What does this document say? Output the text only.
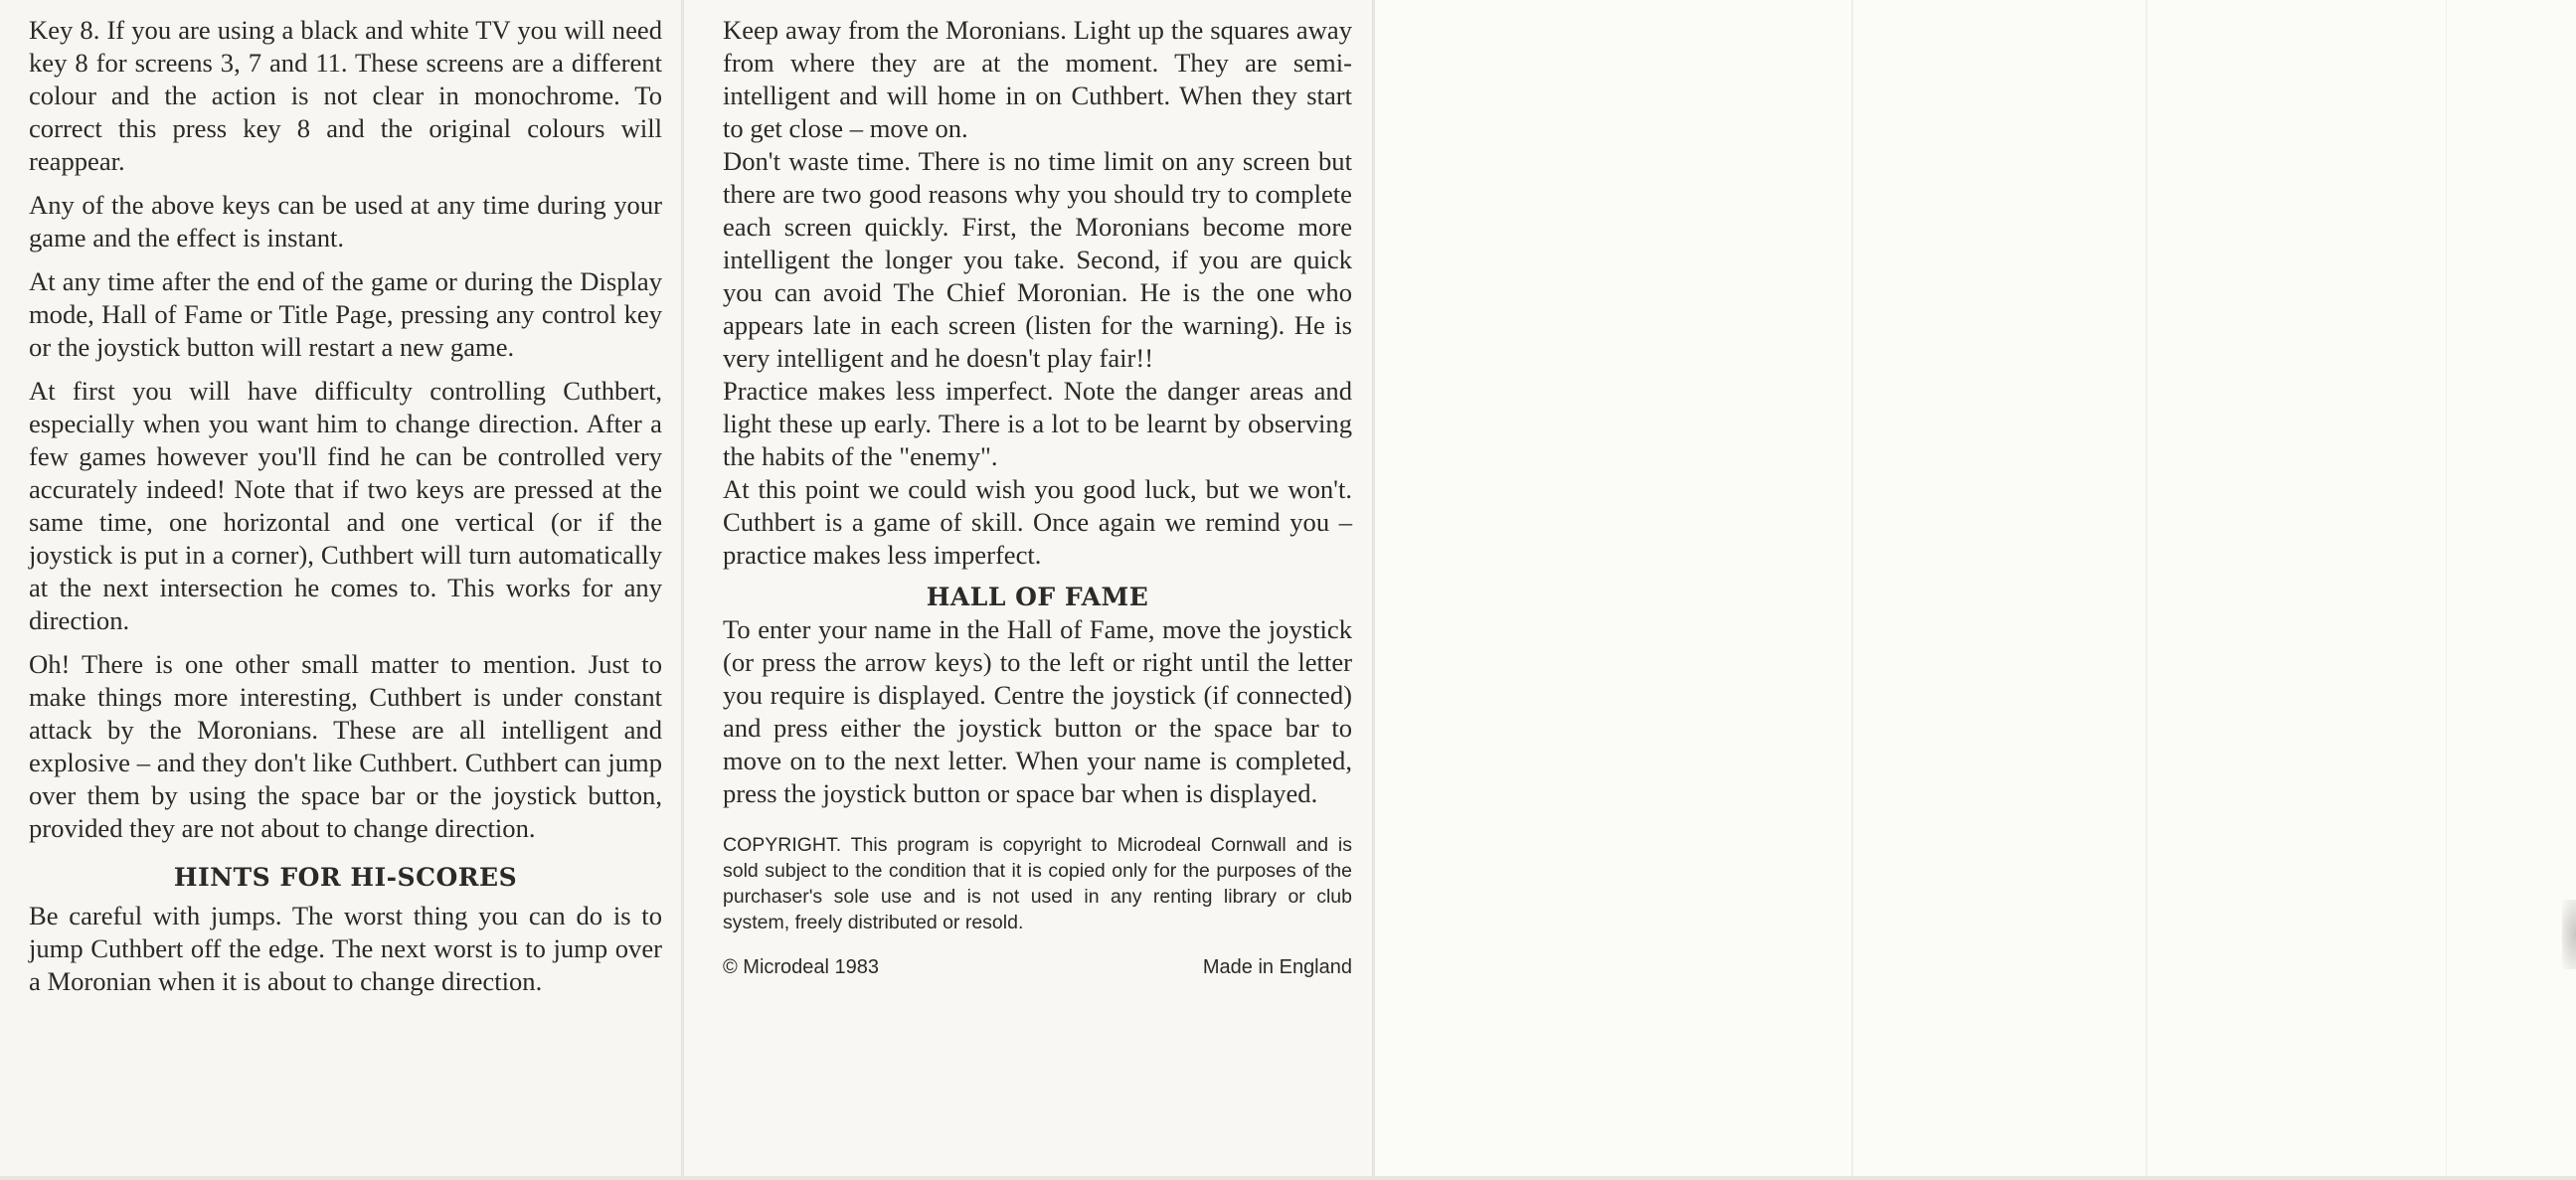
Key 8. If you are using a black and white TV you will need key 8 for screens 3, 7 and 11. These screens are a different colour and the action is not clear in monochrome. To correct this press key 8 and the original colours will reappear.

Any of the above keys can be used at any time during your game and the effect is instant.

At any time after the end of the game or during the Display mode, Hall of Fame or Title Page, pressing any control key or the joystick button will restart a new game.

At first you will have difficulty controlling Cuthbert, especially when you want him to change direction. After a few games however you'll find he can be controlled very accurately indeed! Note that if two keys are pressed at the same time, one horizontal and one vertical (or if the joystick is put in a corner), Cuthbert will turn automatically at the next intersection he comes to. This works for any direction.

Oh! There is one other small matter to mention. Just to make things more interesting, Cuthbert is under constant attack by the Moronians. These are all intelligent and explosive – and they don't like Cuthbert. Cuthbert can jump over them by using the space bar or the joystick button, provided they are not about to change direction.

HINTS FOR HI-SCORES

Be careful with jumps. The worst thing you can do is to jump Cuthbert off the edge. The next worst is to jump over a Moronian when it is about to change direction.

Keep away from the Moronians. Light up the squares away from where they are at the moment. They are semi-intelligent and will home in on Cuthbert. When they start to get close – move on.

Don't waste time. There is no time limit on any screen but there are two good reasons why you should try to complete each screen quickly. First, the Moronians become more intelligent the longer you take. Second, if you are quick you can avoid The Chief Moronian. He is the one who appears late in each screen (listen for the warning). He is very intelligent and he doesn't play fair!!

Practice makes less imperfect. Note the danger areas and light these up early. There is a lot to be learnt by observing the habits of the "enemy".

At this point we could wish you good luck, but we won't. Cuthbert is a game of skill. Once again we remind you – practice makes less imperfect.

HALL OF FAME

To enter your name in the Hall of Fame, move the joystick (or press the arrow keys) to the left or right until the letter you require is displayed. Centre the joystick (if connected) and press either the joystick button or the space bar to move on to the next letter. When your name is completed, press the joystick button or space bar when is displayed.

COPYRIGHT. This program is copyright to Microdeal Cornwall and is sold subject to the condition that it is copied only for the purposes of the purchaser's sole use and is not used in any renting library or club system, freely distributed or resold.

© Microdeal 1983	Made in England
